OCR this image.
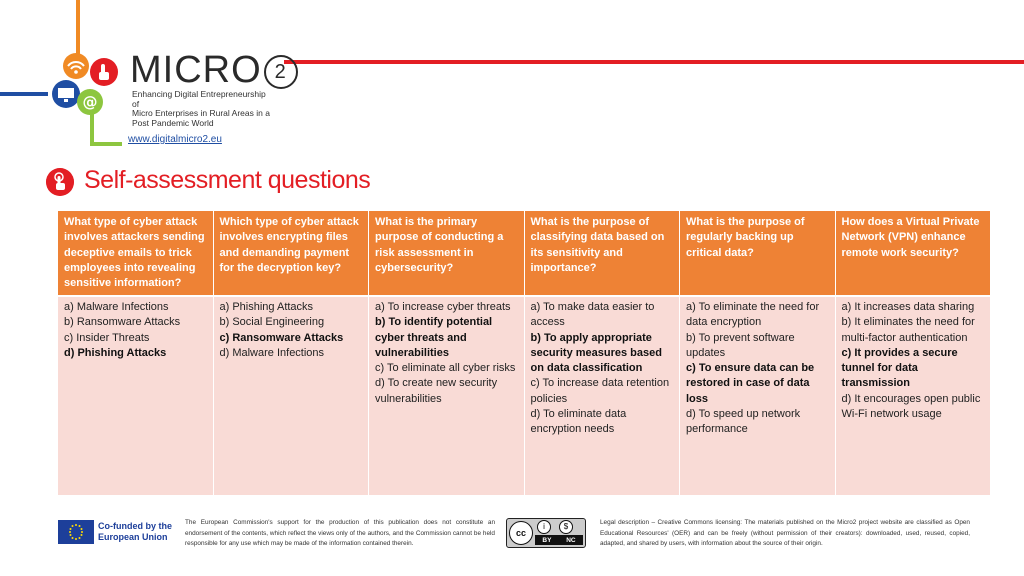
@
MICRO 2
Enhancing Digital Entrepreneurship of
Micro Enterprises in Rural Areas in a
Post Pandemic World
www.digitalmicro2.eu
Self-assessment questions
What type of cyber attack involves attackers sending deceptive emails to trick employees into revealing sensitive information?
Which type of cyber attack involves encrypting files and demanding payment for the decryption key?
What is the primary purpose of conducting a risk assessment in cybersecurity?
What is the purpose of classifying data based on its sensitivity and importance?
What is the purpose of regularly backing up critical data?
How does a Virtual Private Network (VPN) enhance remote work security?
a) Malware Infections
b) Ransomware Attacks
c) Insider Threats
d) Phishing Attacks
a) Phishing Attacks
b) Social Engineering
c) Ransomware Attacks
d) Malware Infections
a) To increase cyber threats
b) To identify potential cyber threats and vulnerabilities
c) To eliminate all cyber risks
d) To create new security vulnerabilities
a) To make data easier to access
b) To apply appropriate security measures based on data classification
c) To increase data retention policies
d) To eliminate data encryption needs
a) To eliminate the need for data encryption
b) To prevent software updates
c) To ensure data can be restored in case of data loss
d) To speed up network performance
a) It increases data sharing
b) It eliminates the need for multi-factor authentication
c) It provides a secure tunnel for data transmission
d) It encourages open public Wi-Fi network usage
Co-funded by the European Union
The European Commission's support for the production of this publication does not constitute an endorsement of the contents, which reflect the views only of the authors, and the Commission cannot be held responsible for any use which may be made of the information contained therein.
cc
i	$
BY NC
Legal description – Creative Commons licensing: The materials published on the Micro2 project website are classified as Open Educational Resources' (OER) and can be freely (without permission of their creators): downloaded, used, reused, copied, adapted, and shared by users, with information about the source of their origin.
